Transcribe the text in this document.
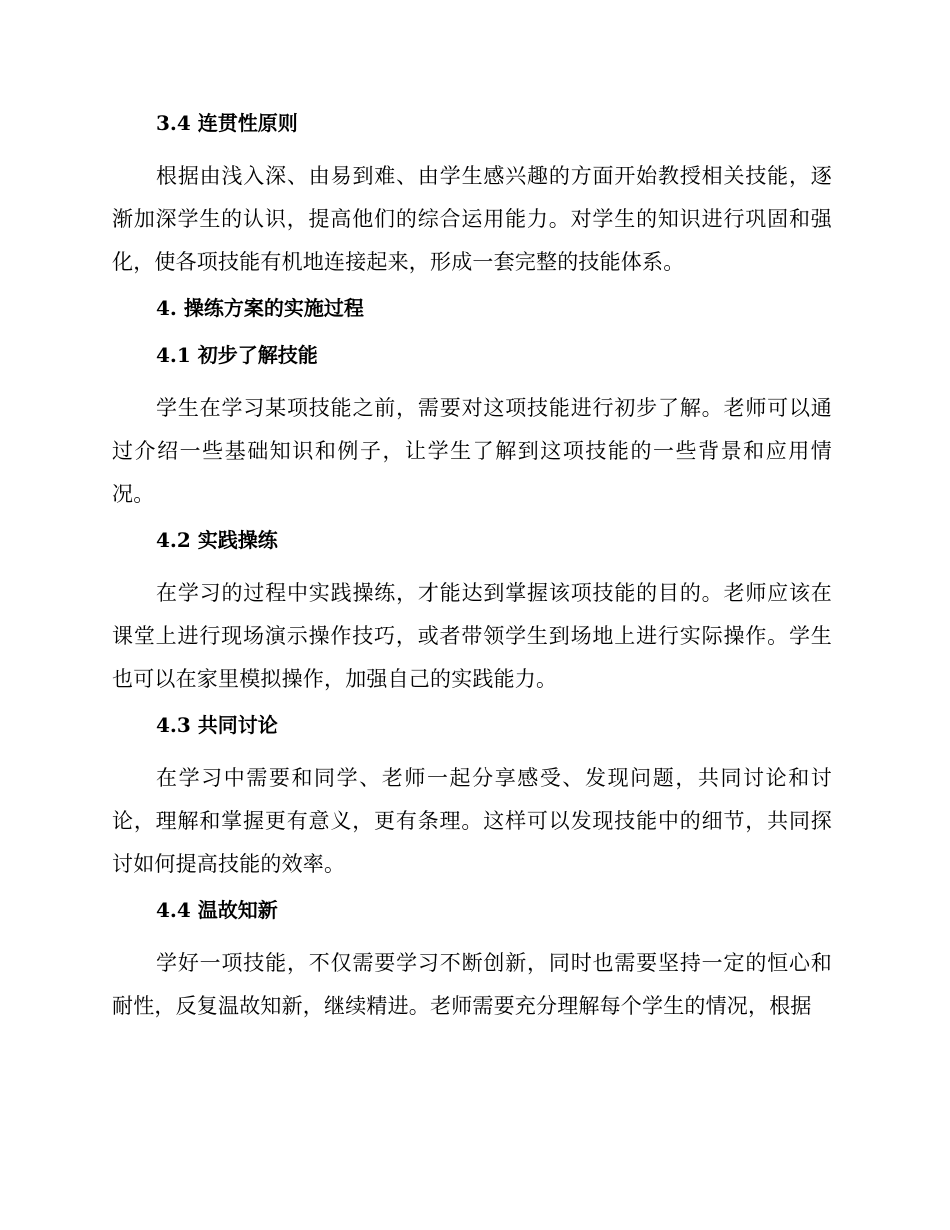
3.4 连贯性原则

根据由浅入深、由易到难、由学生感兴趣的方面开始教授相关技能，逐渐加深学生的认识，提高他们的综合运用能力。对学生的知识进行巩固和强化，使各项技能有机地连接起来，形成一套完整的技能体系。

4. 操练方案的实施过程
4.1 初步了解技能

学生在学习某项技能之前，需要对这项技能进行初步了解。老师可以通过介绍一些基础知识和例子，让学生了解到这项技能的一些背景和应用情况。

4.2 实践操练

在学习的过程中实践操练，才能达到掌握该项技能的目的。老师应该在课堂上进行现场演示操作技巧，或者带领学生到场地上进行实际操作。学生也可以在家里模拟操作，加强自己的实践能力。

4.3 共同讨论

在学习中需要和同学、老师一起分享感受、发现问题，共同讨论和讨论，理解和掌握更有意义，更有条理。这样可以发现技能中的细节，共同探讨如何提高技能的效率。

4.4 温故知新

学好一项技能，不仅需要学习不断创新，同时也需要坚持一定的恒心和耐性，反复温故知新，继续精进。老师需要充分理解每个学生的情况，根据
